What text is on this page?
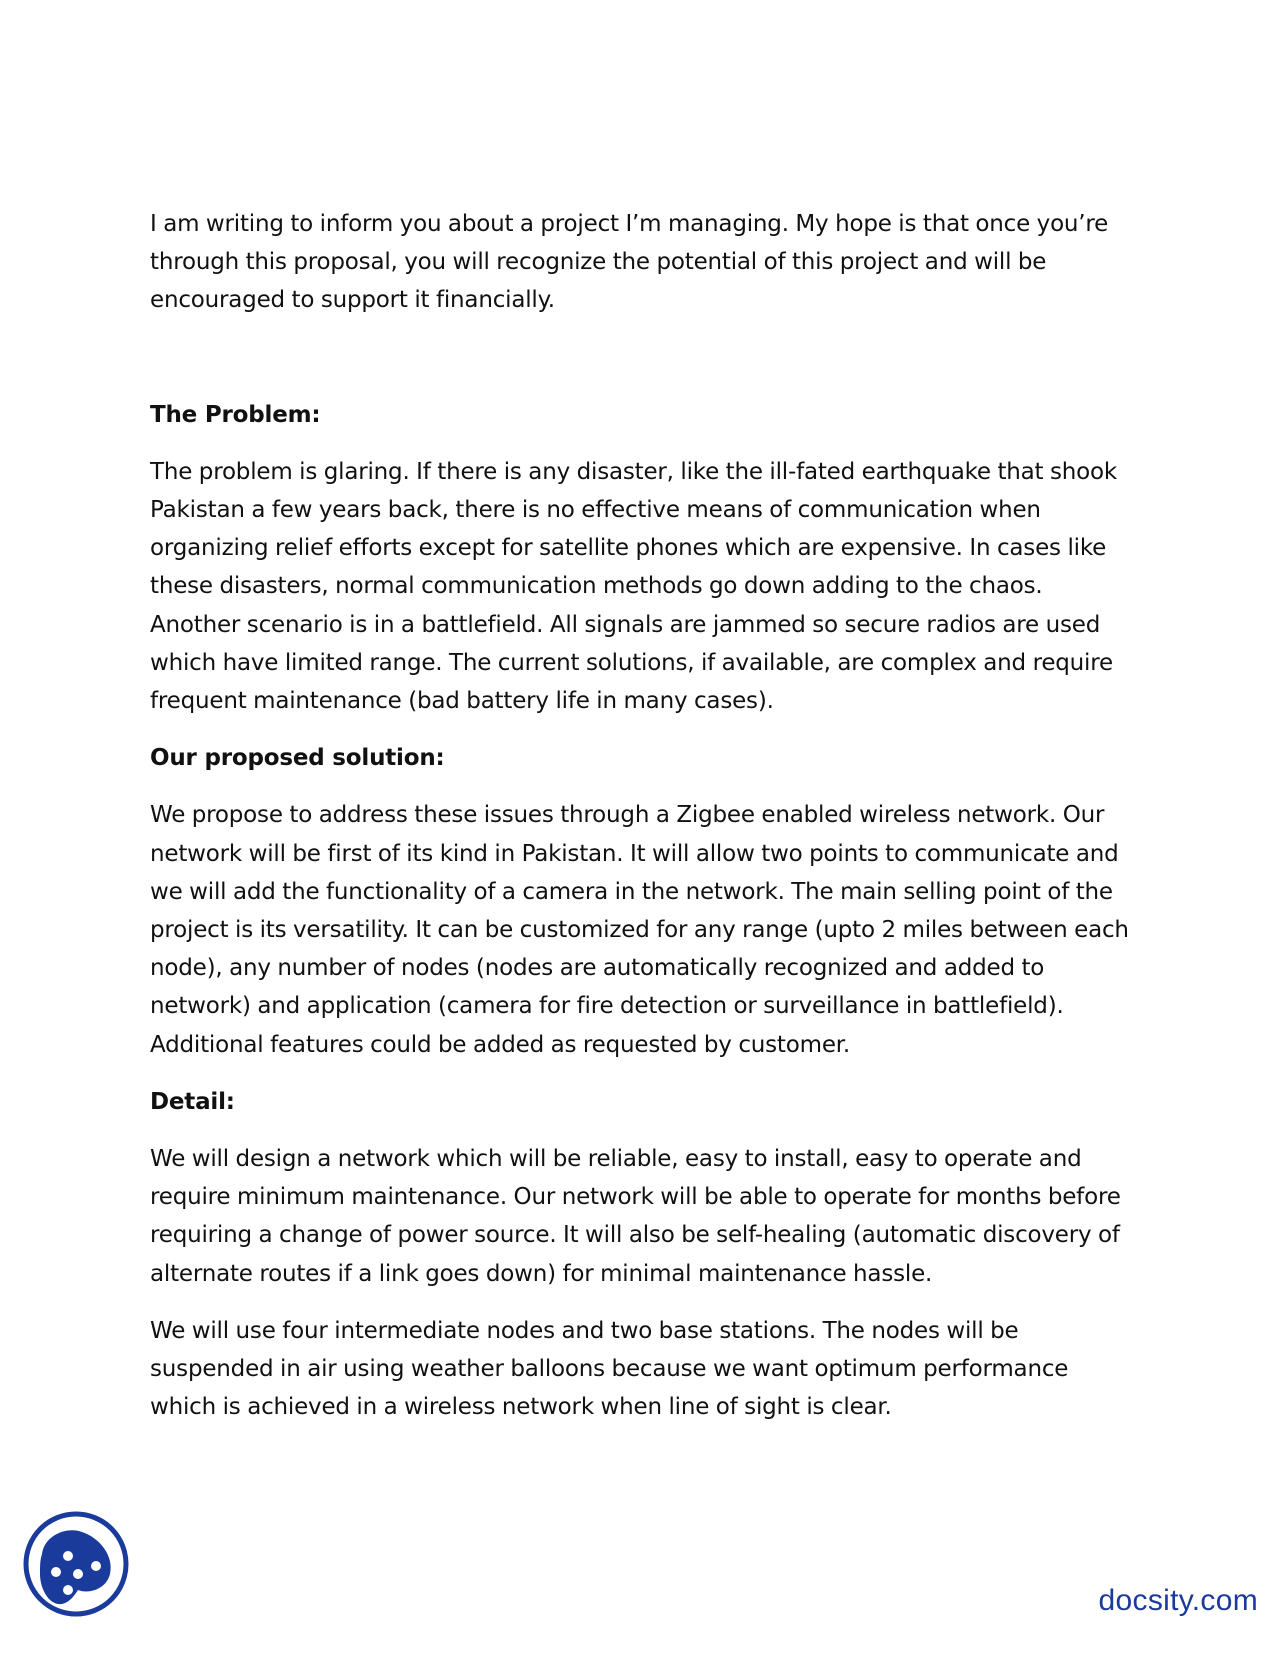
I am writing to inform you about a project I’m managing. My hope is that once you’re through this proposal, you will recognize the potential of this project and will be encouraged to support it financially.

The Problem:

The problem is glaring. If there is any disaster, like the ill-fated earthquake that shook Pakistan a few years back, there is no effective means of communication when organizing relief efforts except for satellite phones which are expensive. In cases like these disasters, normal communication methods go down adding to the chaos. Another scenario is in a battlefield. All signals are jammed so secure radios are used which have limited range. The current solutions, if available, are complex and require frequent maintenance (bad battery life in many cases).

Our proposed solution:

We propose to address these issues through a Zigbee enabled wireless network. Our network will be first of its kind in Pakistan. It will allow two points to communicate and we will add the functionality of a camera in the network. The main selling point of the project is its versatility. It can be customized for any range (upto 2 miles between each node), any number of nodes (nodes are automatically recognized and added to network) and application (camera for fire detection or surveillance in battlefield). Additional features could be added as requested by customer.

Detail:

We will design a network which will be reliable, easy to install, easy to operate and require minimum maintenance. Our network will be able to operate for months before requiring a change of power source. It will also be self-healing (automatic discovery of alternate routes if a link goes down) for minimal maintenance hassle.

We will use four intermediate nodes and two base stations. The nodes will be suspended in air using weather balloons because we want optimum performance which is achieved in a wireless network when line of sight is clear.

docsity.com
